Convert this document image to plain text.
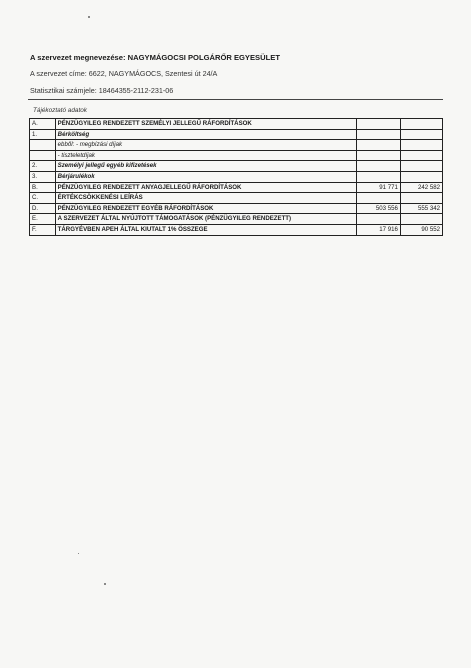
A szervezet megnevezése: NAGYMÁGOCSI POLGÁRŐR EGYESÜLET
A szervezet címe: 6622, NAGYMÁGOCS, Szentesi út 24/A
Statisztikai számjele: 18464355-2112-231-06
Tájékoztató adatok
A.	PÉNZÜGYILEG RENDEZETT SZEMÉLYI JELLEGŰ RÁFORDÍTÁSOK		
1.	Bérköltség		
	ebből: - megbízási díjak		
	- tiszteletdíjak		
2.	Személyi jellegű egyéb kifizetések		
3.	Bérjárulékok		
B.	PÉNZÜGYILEG RENDEZETT ANYAGJELLEGŰ RÁFORDÍTÁSOK	91 771	242 582
C.	ÉRTÉKCSÖKKENÉSI LEÍRÁS		
D.	PÉNZÜGYILEG RENDEZETT EGYÉB RÁFORDÍTÁSOK	503 556	555 342
E.	A SZERVEZET ÁLTAL NYÚJTOTT TÁMOGATÁSOK (PÉNZÜGYILEG RENDEZETT)		
F.	TÁRGYÉVBEN APEH ÁLTAL KIUTALT 1% ÖSSZEGE	17 916	90 552
